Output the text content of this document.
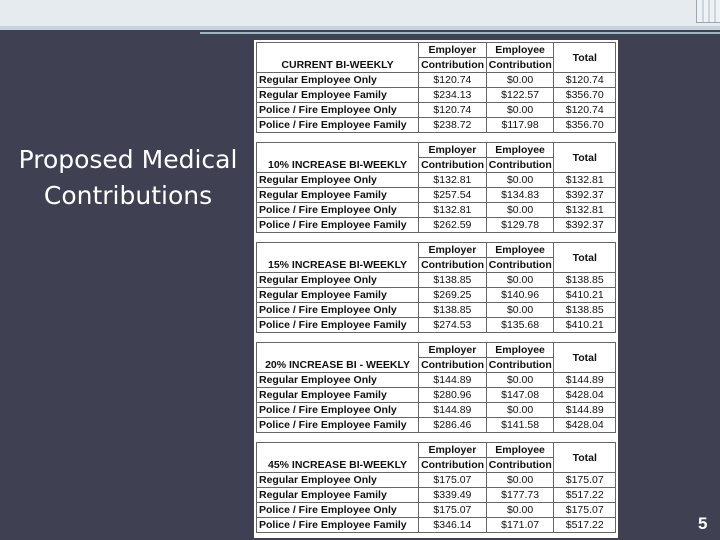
Proposed Medical Contributions
CURRENT BI-WEEKLY	Employer	Employee	Total
	Contribution	Contribution	
Regular Employee Only	$120.74	$0.00	$120.74
Regular Employee Family	$234.13	$122.57	$356.70
Police / Fire Employee Only	$120.74	$0.00	$120.74
Police / Fire Employee Family	$238.72	$117.98	$356.70
10% INCREASE BI-WEEKLY	Employer	Employee	Total
	Contribution	Contribution	
Regular Employee Only	$132.81	$0.00	$132.81
Regular Employee Family	$257.54	$134.83	$392.37
Police / Fire Employee Only	$132.81	$0.00	$132.81
Police / Fire Employee Family	$262.59	$129.78	$392.37
15% INCREASE BI-WEEKLY	Employer	Employee	Total
	Contribution	Contribution	
Regular Employee Only	$138.85	$0.00	$138.85
Regular Employee Family	$269.25	$140.96	$410.21
Police / Fire Employee Only	$138.85	$0.00	$138.85
Police / Fire Employee Family	$274.53	$135.68	$410.21
20% INCREASE BI - WEEKLY	Employer	Employee	Total
	Contribution	Contribution	
Regular Employee Only	$144.89	$0.00	$144.89
Regular Employee Family	$280.96	$147.08	$428.04
Police / Fire Employee Only	$144.89	$0.00	$144.89
Police / Fire Employee Family	$286.46	$141.58	$428.04
45% INCREASE BI-WEEKLY	Employer	Employee	Total
	Contribution	Contribution	
Regular Employee Only	$175.07	$0.00	$175.07
Regular Employee Family	$339.49	$177.73	$517.22
Police / Fire Employee Only	$175.07	$0.00	$175.07
Police / Fire Employee Family	$346.14	$171.07	$517.22	5
